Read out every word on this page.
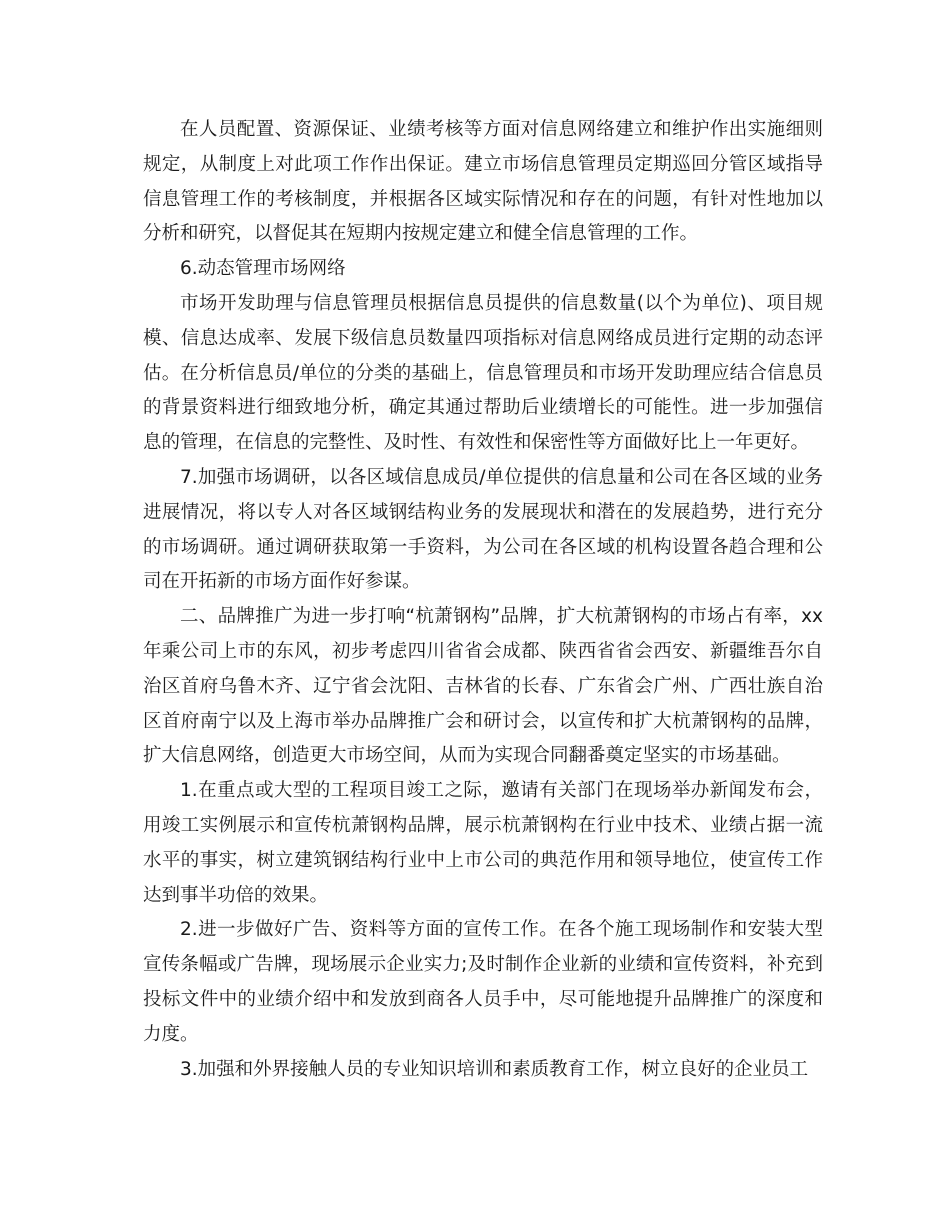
在人员配置、资源保证、业绩考核等方面对信息网络建立和维护作出实施细则规定，从制度上对此项工作作出保证。建立市场信息管理员定期巡回分管区域指导信息管理工作的考核制度，并根据各区域实际情况和存在的问题，有针对性地加以分析和研究，以督促其在短期内按规定建立和健全信息管理的工作。

6.动态管理市场网络

市场开发助理与信息管理员根据信息员提供的信息数量(以个为单位)、项目规模、信息达成率、发展下级信息员数量四项指标对信息网络成员进行定期的动态评估。在分析信息员/单位的分类的基础上，信息管理员和市场开发助理应结合信息员的背景资料进行细致地分析，确定其通过帮助后业绩增长的可能性。进一步加强信息的管理，在信息的完整性、及时性、有效性和保密性等方面做好比上一年更好。

7.加强市场调研，以各区域信息成员/单位提供的信息量和公司在各区域的业务进展情况，将以专人对各区域钢结构业务的发展现状和潜在的发展趋势，进行充分的市场调研。通过调研获取第一手资料，为公司在各区域的机构设置各趋合理和公司在开拓新的市场方面作好参谋。

二、品牌推广为进一步打响“杭萧钢构”品牌，扩大杭萧钢构的市场占有率，xx年乘公司上市的东风，初步考虑四川省省会成都、陕西省省会西安、新疆维吾尔自治区首府乌鲁木齐、辽宁省会沈阳、吉林省的长春、广东省会广州、广西壮族自治区首府南宁以及上海市举办品牌推广会和研讨会，以宣传和扩大杭萧钢构的品牌，扩大信息网络，创造更大市场空间，从而为实现合同翻番奠定坚实的市场基础。

1.在重点或大型的工程项目竣工之际，邀请有关部门在现场举办新闻发布会，用竣工实例展示和宣传杭萧钢构品牌，展示杭萧钢构在行业中技术、业绩占据一流水平的事实，树立建筑钢结构行业中上市公司的典范作用和领导地位，使宣传工作达到事半功倍的效果。

2.进一步做好广告、资料等方面的宣传工作。在各个施工现场制作和安装大型宣传条幅或广告牌，现场展示企业实力;及时制作企业新的业绩和宣传资料，补充到投标文件中的业绩介绍中和发放到商各人员手中，尽可能地提升品牌推广的深度和力度。

3.加强和外界接触人员的专业知识培训和素质教育工作，树立良好的企业员工
